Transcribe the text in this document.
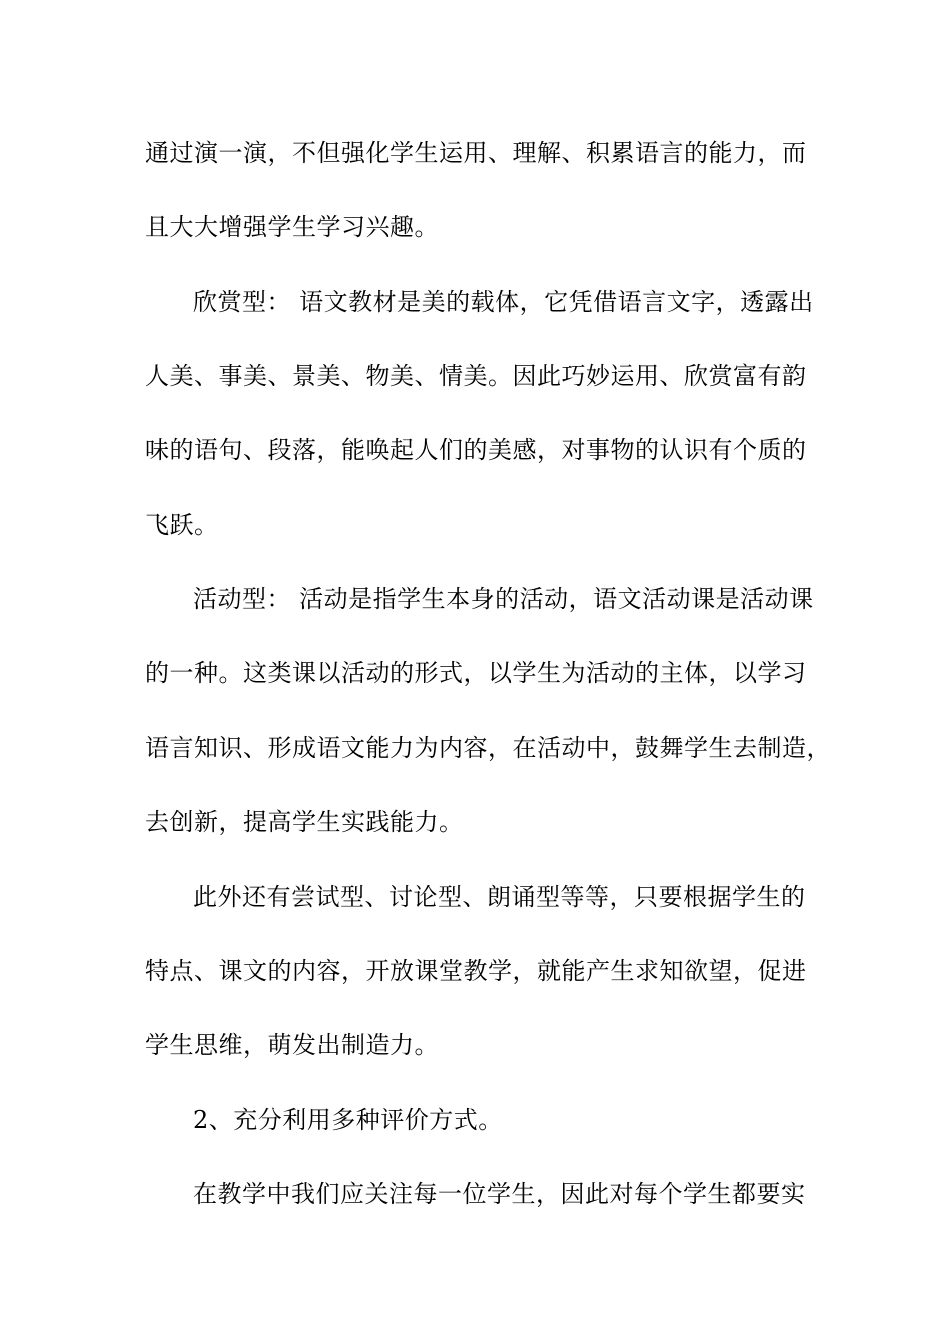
通过演一演，不但强化学生运用、理解、积累语言的能力，而
且大大增强学生学习兴趣。
欣赏型： 语文教材是美的载体，它凭借语言文字，透露出
人美、事美、景美、物美、情美。因此巧妙运用、欣赏富有韵
味的语句、段落，能唤起人们的美感，对事物的认识有个质的
飞跃。
活动型： 活动是指学生本身的活动，语文活动课是活动课
的一种。这类课以活动的形式，以学生为活动的主体，以学习
语言知识、形成语文能力为内容，在活动中，鼓舞学生去制造，
去创新，提高学生实践能力。
此外还有尝试型、讨论型、朗诵型等等，只要根据学生的
特点、课文的内容，开放课堂教学，就能产生求知欲望，促进
学生思维，萌发出制造力。
2、充分利用多种评价方式。
在教学中我们应关注每一位学生，因此对每个学生都要实
